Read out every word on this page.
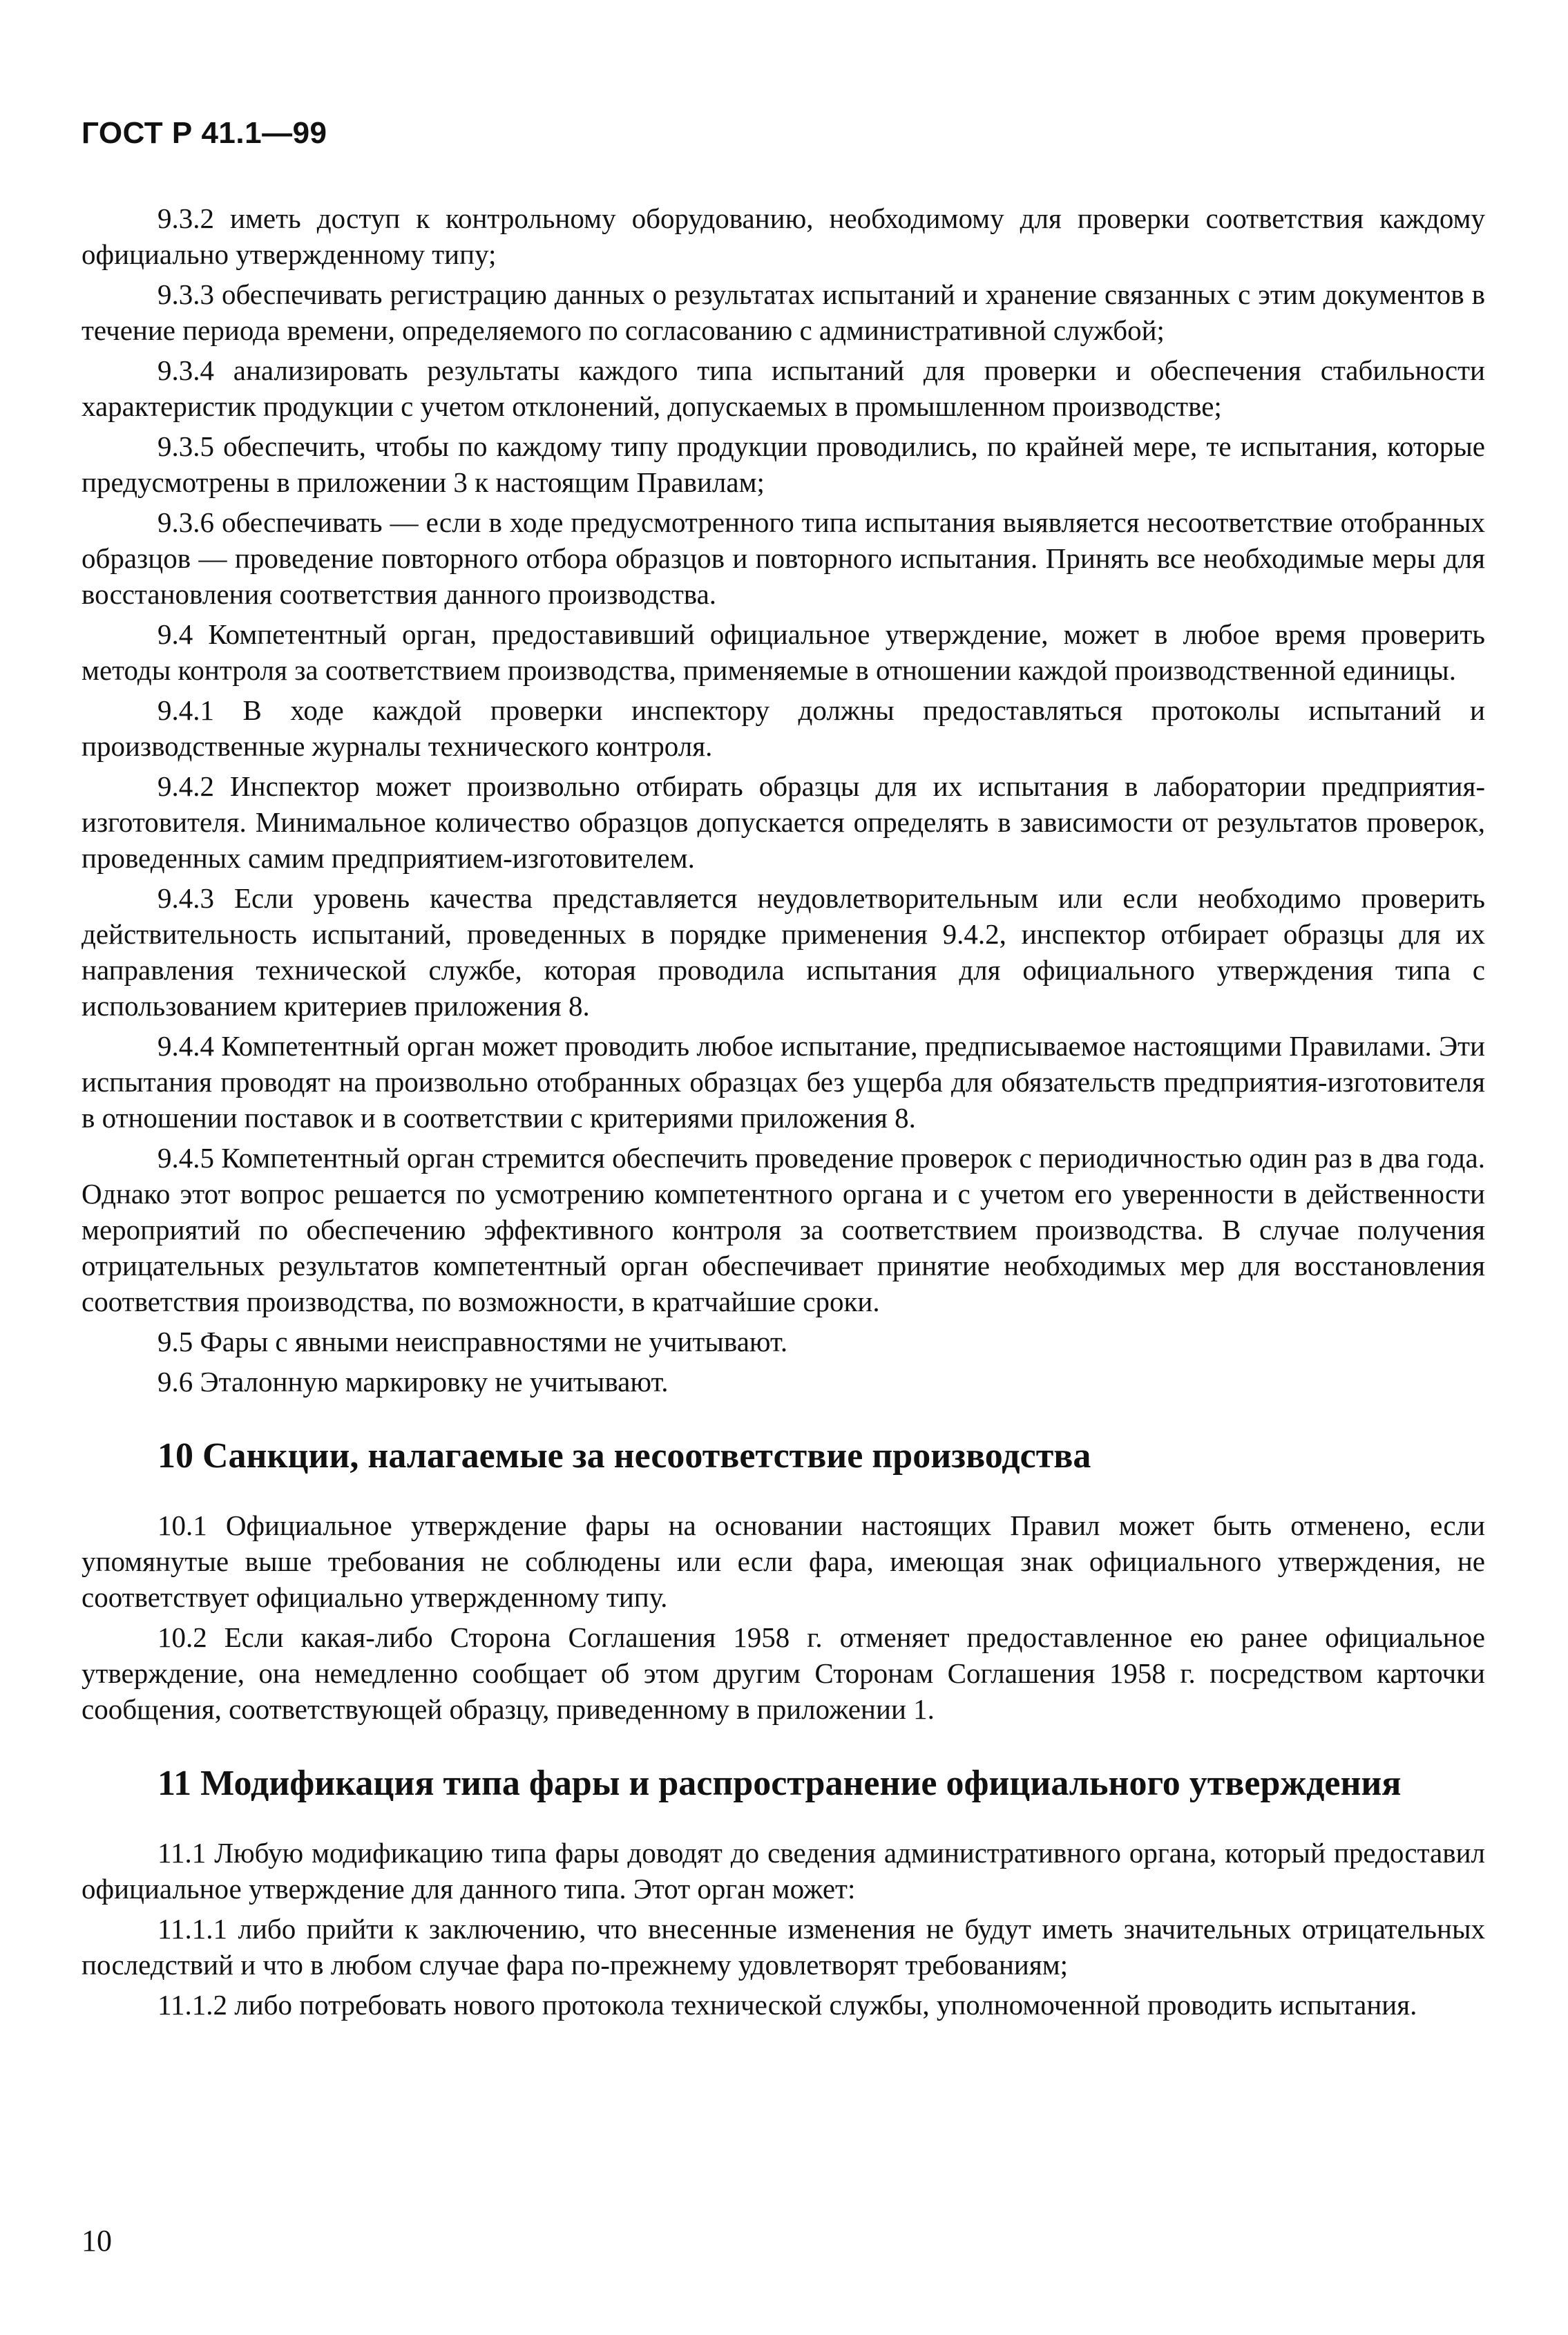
ГОСТ Р 41.1—99

9.3.2 иметь доступ к контрольному оборудованию, необходимому для проверки соответствия каждому официально утвержденному типу;

9.3.3 обеспечивать регистрацию данных о результатах испытаний и хранение связанных с этим документов в течение периода времени, определяемого по согласованию с административной службой;

9.3.4 анализировать результаты каждого типа испытаний для проверки и обеспечения стабильности характеристик продукции с учетом отклонений, допускаемых в промышленном производстве;

9.3.5 обеспечить, чтобы по каждому типу продукции проводились, по крайней мере, те испытания, которые предусмотрены в приложении 3 к настоящим Правилам;

9.3.6 обеспечивать — если в ходе предусмотренного типа испытания выявляется несоответствие отобранных образцов — проведение повторного отбора образцов и повторного испытания. Принять все необходимые меры для восстановления соответствия данного производства.

9.4 Компетентный орган, предоставивший официальное утверждение, может в любое время проверить методы контроля за соответствием производства, применяемые в отношении каждой производственной единицы.

9.4.1 В ходе каждой проверки инспектору должны предоставляться протоколы испытаний и производственные журналы технического контроля.

9.4.2 Инспектор может произвольно отбирать образцы для их испытания в лаборатории предприятия-изготовителя. Минимальное количество образцов допускается определять в зависимости от результатов проверок, проведенных самим предприятием-изготовителем.

9.4.3 Если уровень качества представляется неудовлетворительным или если необходимо проверить действительность испытаний, проведенных в порядке применения 9.4.2, инспектор отбирает образцы для их направления технической службе, которая проводила испытания для официального утверждения типа с использованием критериев приложения 8.

9.4.4 Компетентный орган может проводить любое испытание, предписываемое настоящими Правилами. Эти испытания проводят на произвольно отобранных образцах без ущерба для обязательств предприятия-изготовителя в отношении поставок и в соответствии с критериями приложения 8.

9.4.5 Компетентный орган стремится обеспечить проведение проверок с периодичностью один раз в два года. Однако этот вопрос решается по усмотрению компетентного органа и с учетом его уверенности в действенности мероприятий по обеспечению эффективного контроля за соответствием производства. В случае получения отрицательных результатов компетентный орган обеспечивает принятие необходимых мер для восстановления соответствия производства, по возможности, в кратчайшие сроки.

9.5 Фары с явными неисправностями не учитывают.

9.6 Эталонную маркировку не учитывают.

10 Санкции, налагаемые за несоответствие производства

10.1 Официальное утверждение фары на основании настоящих Правил может быть отменено, если упомянутые выше требования не соблюдены или если фара, имеющая знак официального утверждения, не соответствует официально утвержденному типу.

10.2 Если какая-либо Сторона Соглашения 1958 г. отменяет предоставленное ею ранее официальное утверждение, она немедленно сообщает об этом другим Сторонам Соглашения 1958 г. посредством карточки сообщения, соответствующей образцу, приведенному в приложении 1.

11 Модификация типа фары и распространение официального утверждения

11.1 Любую модификацию типа фары доводят до сведения административного органа, который предоставил официальное утверждение для данного типа. Этот орган может:

11.1.1 либо прийти к заключению, что внесенные изменения не будут иметь значительных отрицательных последствий и что в любом случае фара по-прежнему удовлетворят требованиям;

11.1.2 либо потребовать нового протокола технической службы, уполномоченной проводить испытания.

10
